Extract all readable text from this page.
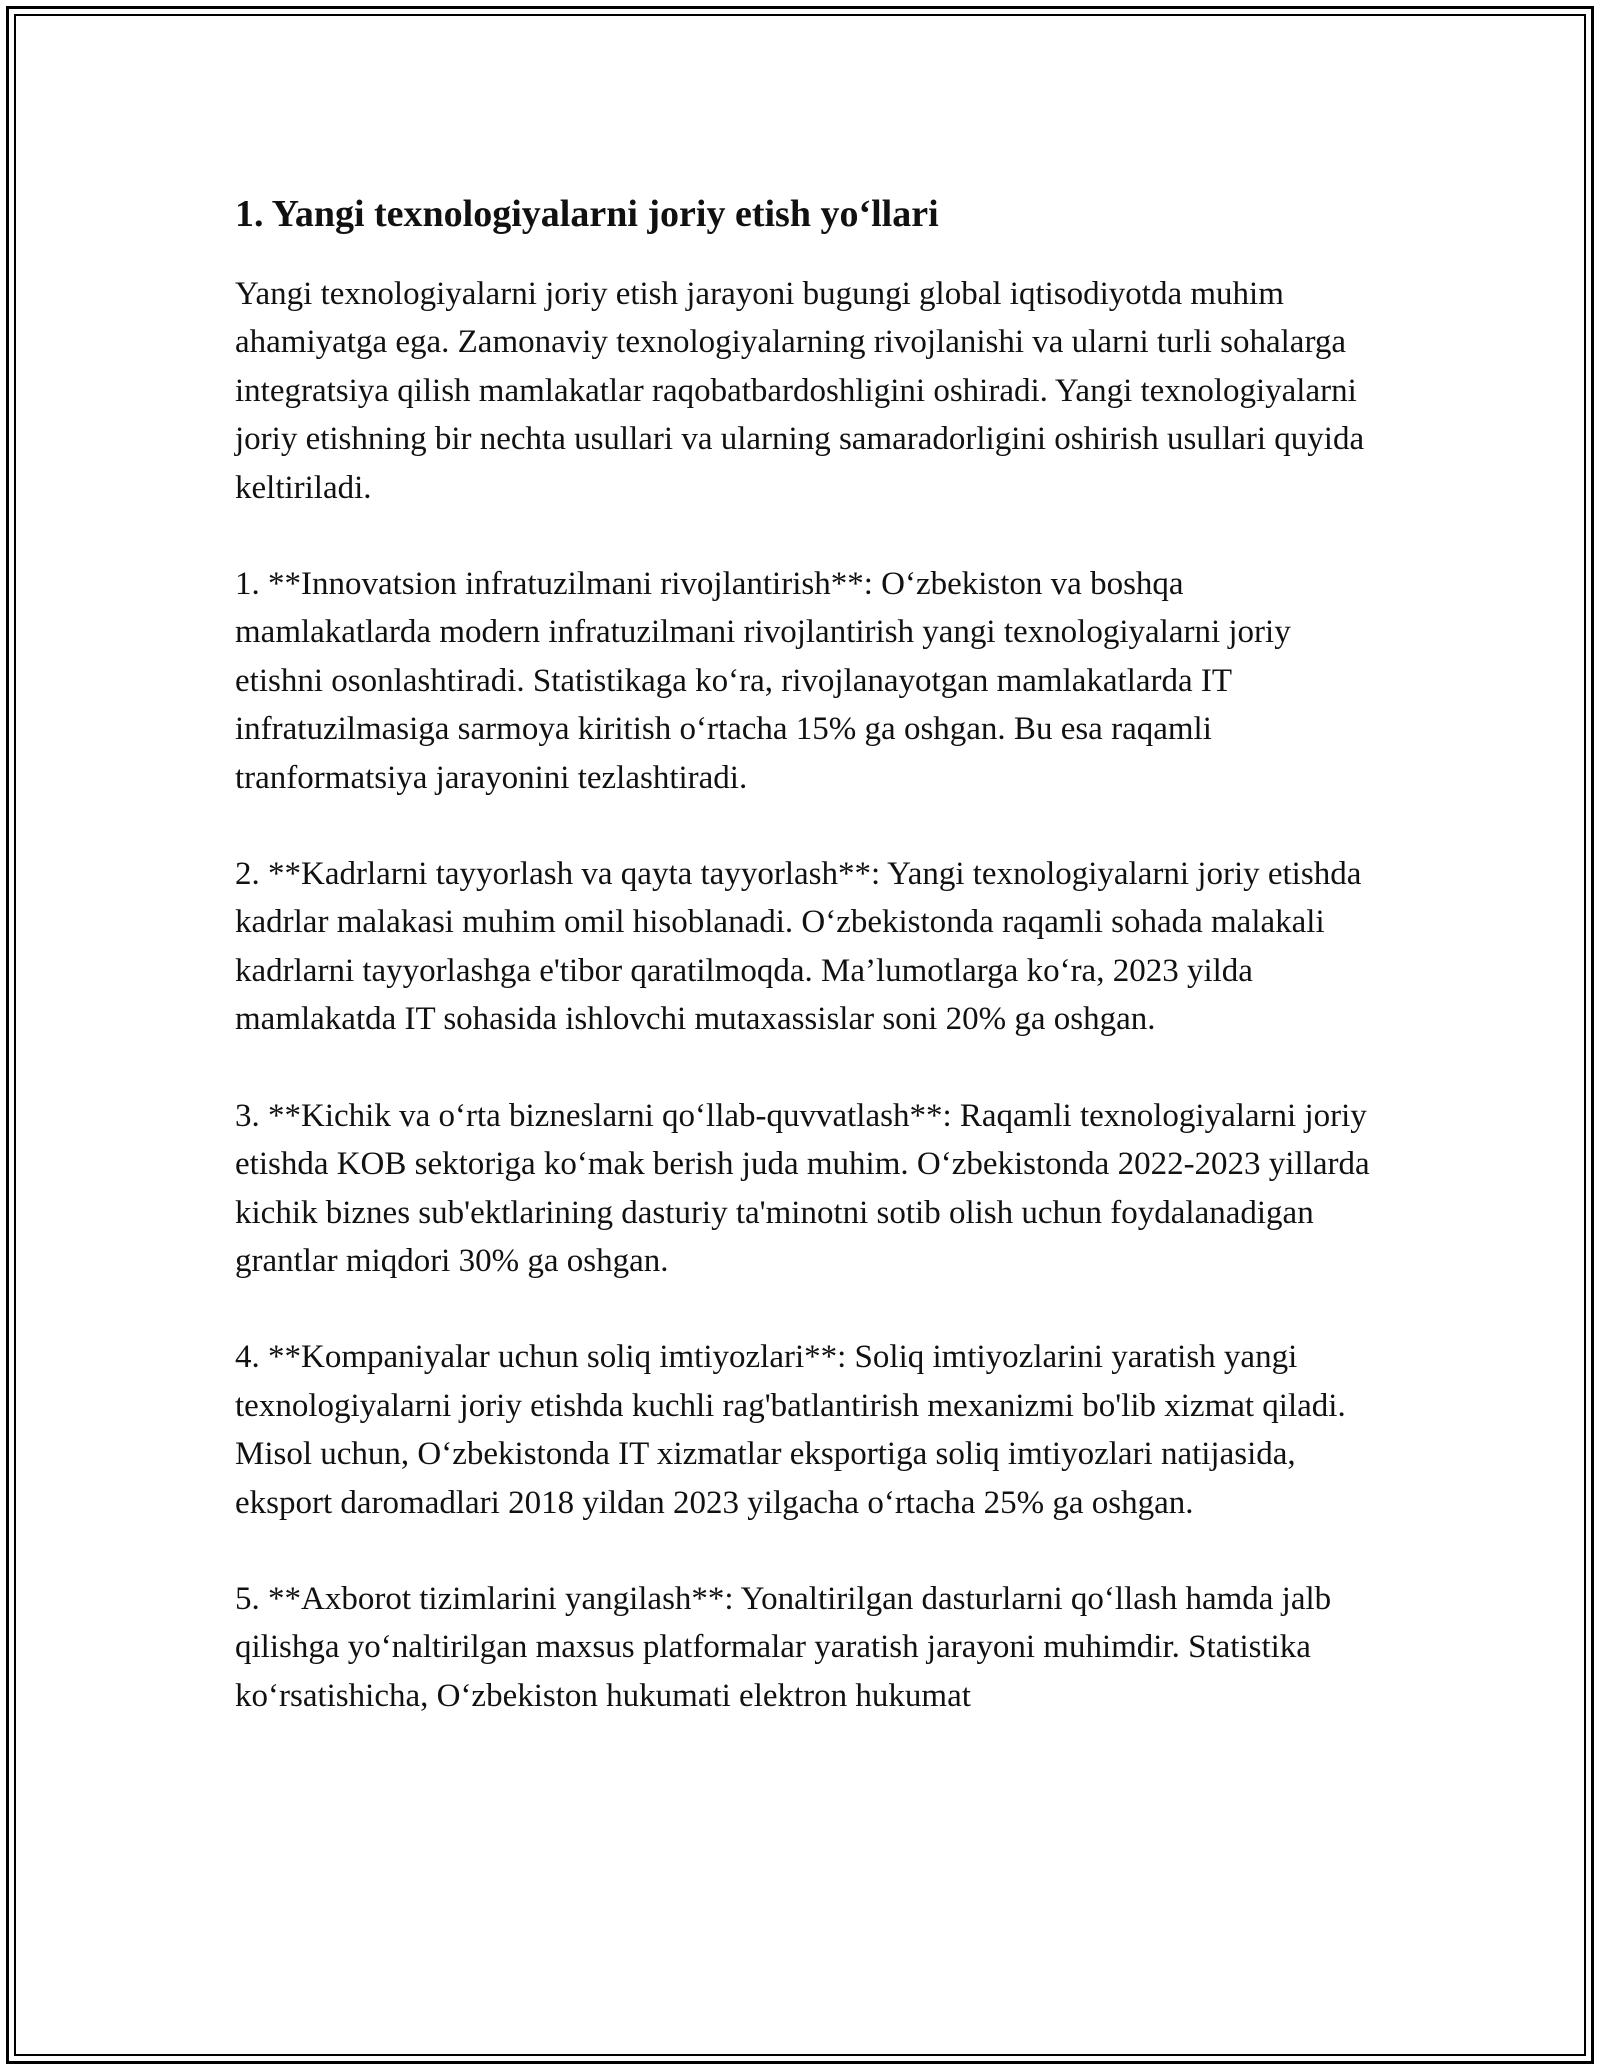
1. Yangi texnologiyalarni joriy etish yo‘llari

Yangi texnologiyalarni joriy etish jarayoni bugungi global iqtisodiyotda muhim ahamiyatga ega. Zamonaviy texnologiyalarning rivojlanishi va ularni turli sohalarga integratsiya qilish mamlakatlar raqobatbardoshligini oshiradi. Yangi texnologiyalarni joriy etishning bir nechta usullari va ularning samaradorligini oshirish usullari quyida keltiriladi.

1. **Innovatsion infratuzilmani rivojlantirish**: O‘zbekiston va boshqa mamlakatlarda modern infratuzilmani rivojlantirish yangi texnologiyalarni joriy etishni osonlashtiradi. Statistikaga ko‘ra, rivojlanayotgan mamlakatlarda IT infratuzilmasiga sarmoya kiritish o‘rtacha 15% ga oshgan. Bu esa raqamli tranformatsiya jarayonini tezlashtiradi.

2. **Kadrlarni tayyorlash va qayta tayyorlash**: Yangi texnologiyalarni joriy etishda kadrlar malakasi muhim omil hisoblanadi. O‘zbekistonda raqamli sohada malakali kadrlarni tayyorlashga e'tibor qaratilmoqda. Ma’lumotlarga ko‘ra, 2023 yilda mamlakatda IT sohasida ishlovchi mutaxassislar soni 20% ga oshgan.

3. **Kichik va o‘rta bizneslarni qo‘llab-quvvatlash**: Raqamli texnologiyalarni joriy etishda KOB sektoriga ko‘mak berish juda muhim. O‘zbekistonda 2022-2023 yillarda kichik biznes sub'ektlarining dasturiy ta'minotni sotib olish uchun foydalanadigan grantlar miqdori 30% ga oshgan.

4. **Kompaniyalar uchun soliq imtiyozlari**: Soliq imtiyozlarini yaratish yangi texnologiyalarni joriy etishda kuchli rag'batlantirish mexanizmi bo'lib xizmat qiladi. Misol uchun, O‘zbekistonda IT xizmatlar eksportiga soliq imtiyozlari natijasida, eksport daromadlari 2018 yildan 2023 yilgacha o‘rtacha 25% ga oshgan.

5. **Axborot tizimlarini yangilash**: Yonaltirilgan dasturlarni qo‘llash hamda jalb qilishga yo‘naltirilgan maxsus platformalar yaratish jarayoni muhimdir. Statistika ko‘rsatishicha, O‘zbekiston hukumati elektron hukumat
